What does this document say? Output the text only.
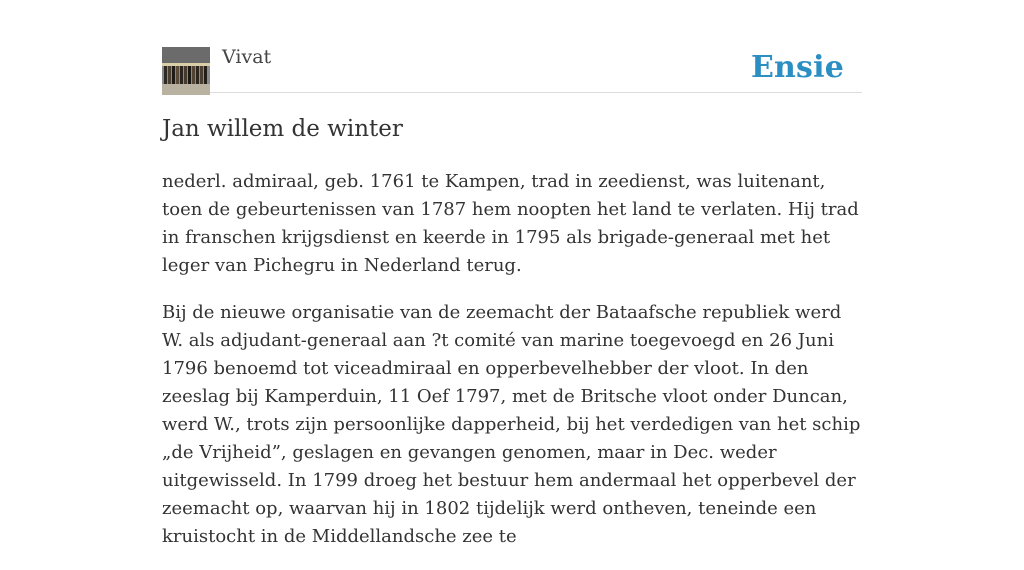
Vivat	Ensie
Jan willem de winter

nederl. admiraal, geb. 1761 te Kampen, trad in zeedienst, was luitenant, toen de gebeurtenissen van 1787 hem noopten het land te verlaten. Hij trad in franschen krijgsdienst en keerde in 1795 als brigade-generaal met het leger van Pichegru in Nederland terug.

Bij de nieuwe organisatie van de zeemacht der Bataafsche republiek werd W. als adjudant-generaal aan ?t comité van marine toegevoegd en 26 Juni 1796 benoemd tot viceadmiraal en opperbevelhebber der vloot. In den zeeslag bij Kamperduin, 11 Oef 1797, met de Britsche vloot onder Duncan, werd W., trots zijn persoonlijke dapperheid, bij het verdedigen van het schip „de Vrijheid”, geslagen en gevangen genomen, maar in Dec. weder uitgewisseld. In 1799 droeg het bestuur hem andermaal het opperbevel der zeemacht op, waarvan hij in 1802 tijdelijk werd ontheven, teneinde een kruistocht in de Middellandsche zee te
